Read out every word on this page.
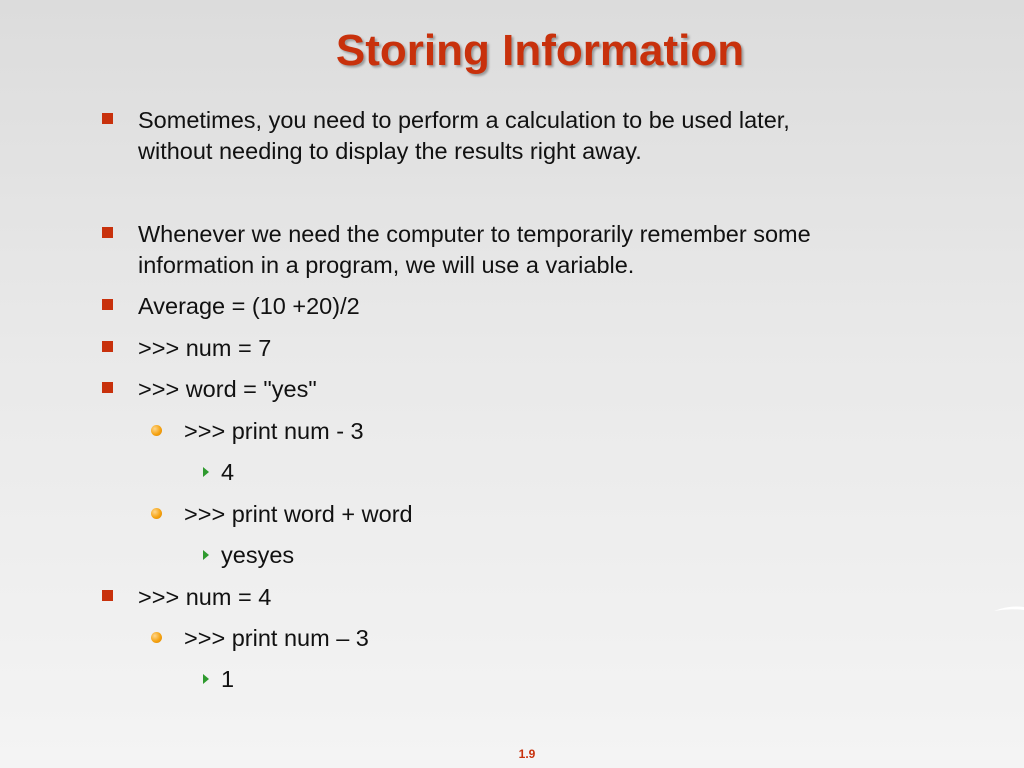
Storing Information
Sometimes, you need to perform a calculation to be used later,
without needing to display the results right away.
Whenever we need the computer to temporarily remember some
information in a program, we will use a variable.
Average = (10 +20)/2
>>> num = 7
>>> word = "yes"
>>> print num - 3
4
>>> print word + word
yesyes
>>> num = 4
>>> print num – 3
1
1.9
